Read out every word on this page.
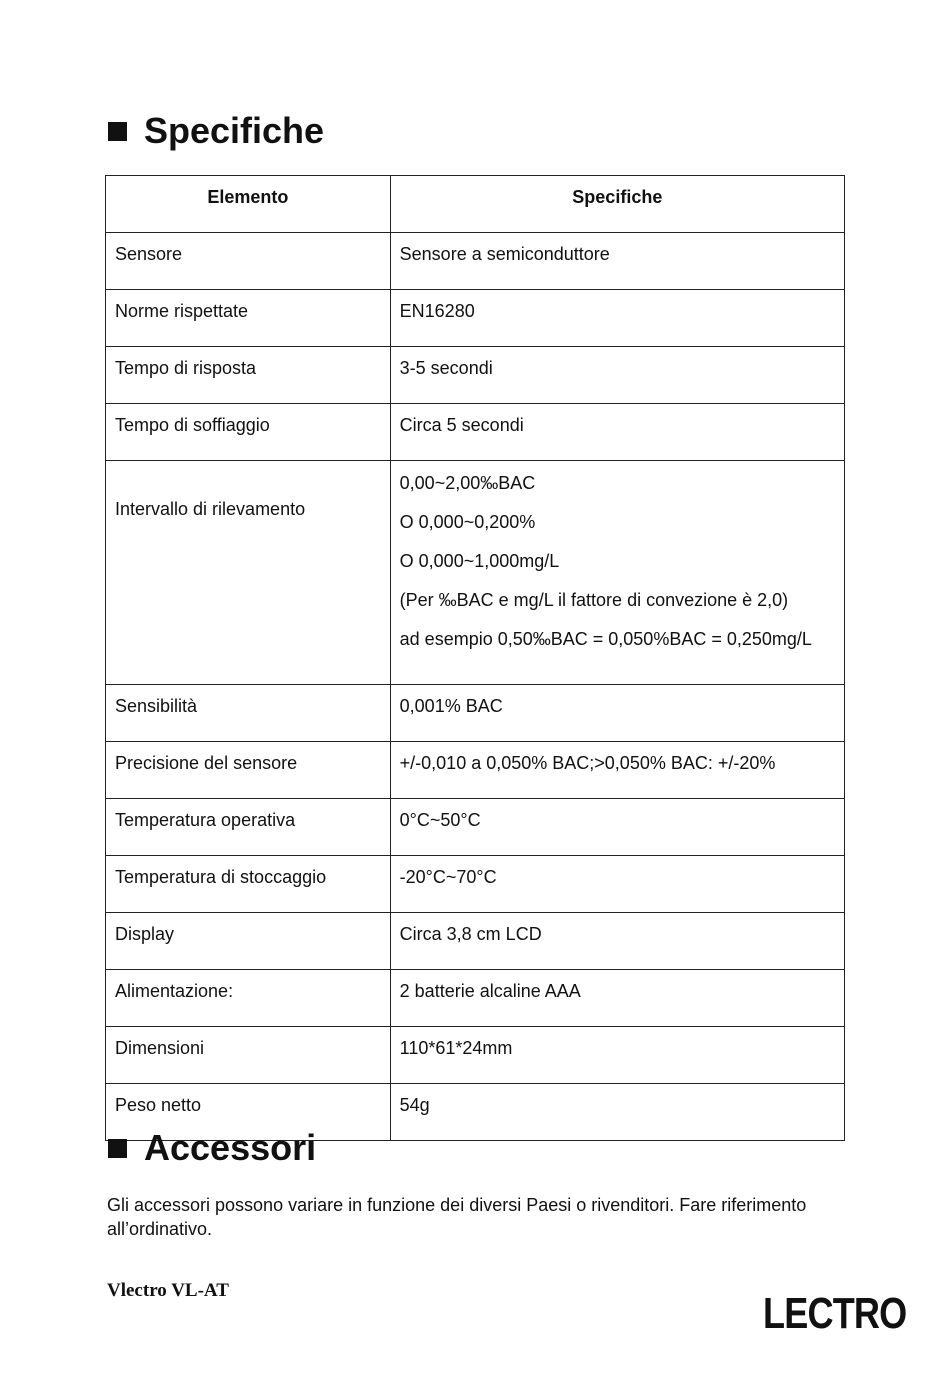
Specifiche
Elemento	Specifiche
Sensore	Sensore a semiconduttore
Norme rispettate	EN16280
Tempo di risposta	3-5 secondi
Tempo di soffiaggio	Circa 5 secondi
Intervallo di rilevamento	0,00~2,00‰BAC
O 0,000~0,200%
O 0,000~1,000mg/L
(Per ‰BAC e mg/L il fattore di convezione è 2,0)
ad esempio 0,50‰BAC = 0,050%BAC = 0,250mg/L

Sensibilità	0,001% BAC
Precisione del sensore	+/-0,010 a 0,050% BAC;>0,050% BAC: +/-20%
Temperatura operativa	0°C~50°C
Temperatura di stoccaggio	-20°C~70°C
Display	Circa 3,8 cm LCD
Alimentazione:	2 batterie alcaline AAA
Dimensioni	110*61*24mm
Peso netto	54g
Accessori
Gli accessori possono variare in funzione dei diversi Paesi o rivenditori. Fare riferimento all’ordinativo.
Vlectro VL-AT	LECTRO
